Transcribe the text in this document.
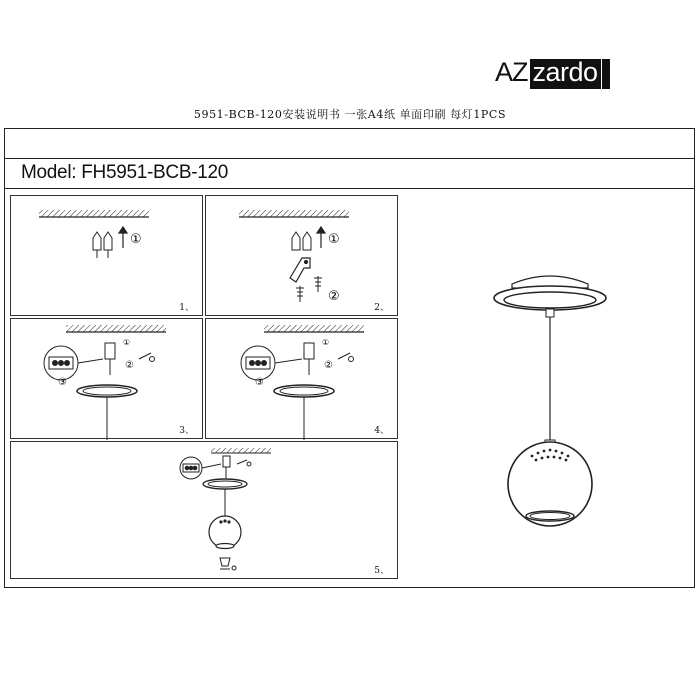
5951-BCB-120安装说明书 一张A4纸 单面印刷 每灯1PCS
Model: FH5951-BCB-120
AZ zardo
①
1、
①
②
2、
③
①
②
3、
③
①
②
4、
5、
